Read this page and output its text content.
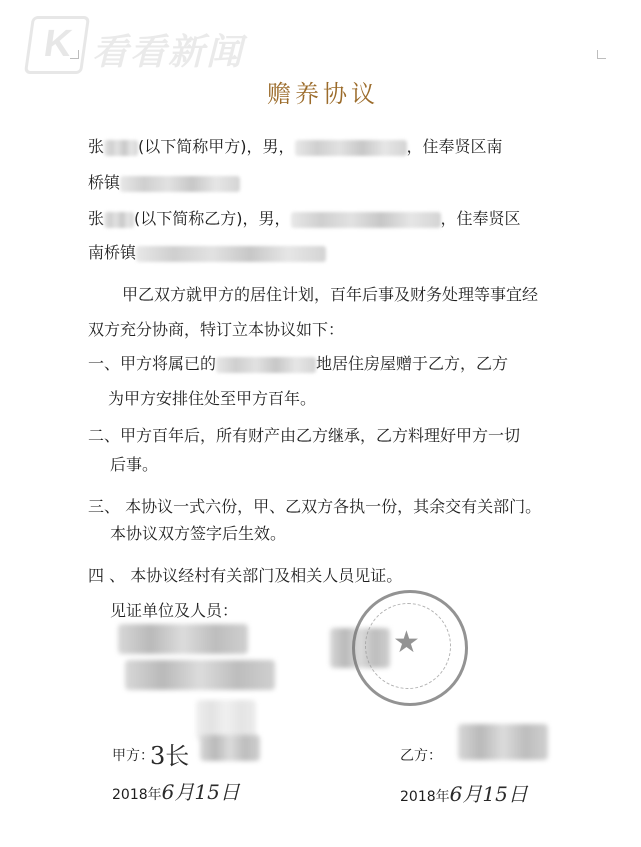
K 看看新闻
赡养协议
张 (以下简称甲方)，男，	，住奉贤区南
桥镇
张 (以下简称乙方)，男，	，住奉贤区
南桥镇
甲乙双方就甲方的居住计划，百年后事及财务处理等事宜经
双方充分协商，特订立本协议如下：
一、甲方将属已的	地居住房屋赠于乙方，乙方
为甲方安排住处至甲方百年。
二、甲方百年后，所有财产由乙方继承，乙方料理好甲方一切
后事。
三、 本协议一式六份，甲、乙双方各执一份，其余交有关部门。
本协议双方签字后生效。
四 、 本协议经村有关部门及相关人员见证。
见证单位及人员：
★
甲方：
3长
2018年6月15日
乙方：
2018年6月15日
